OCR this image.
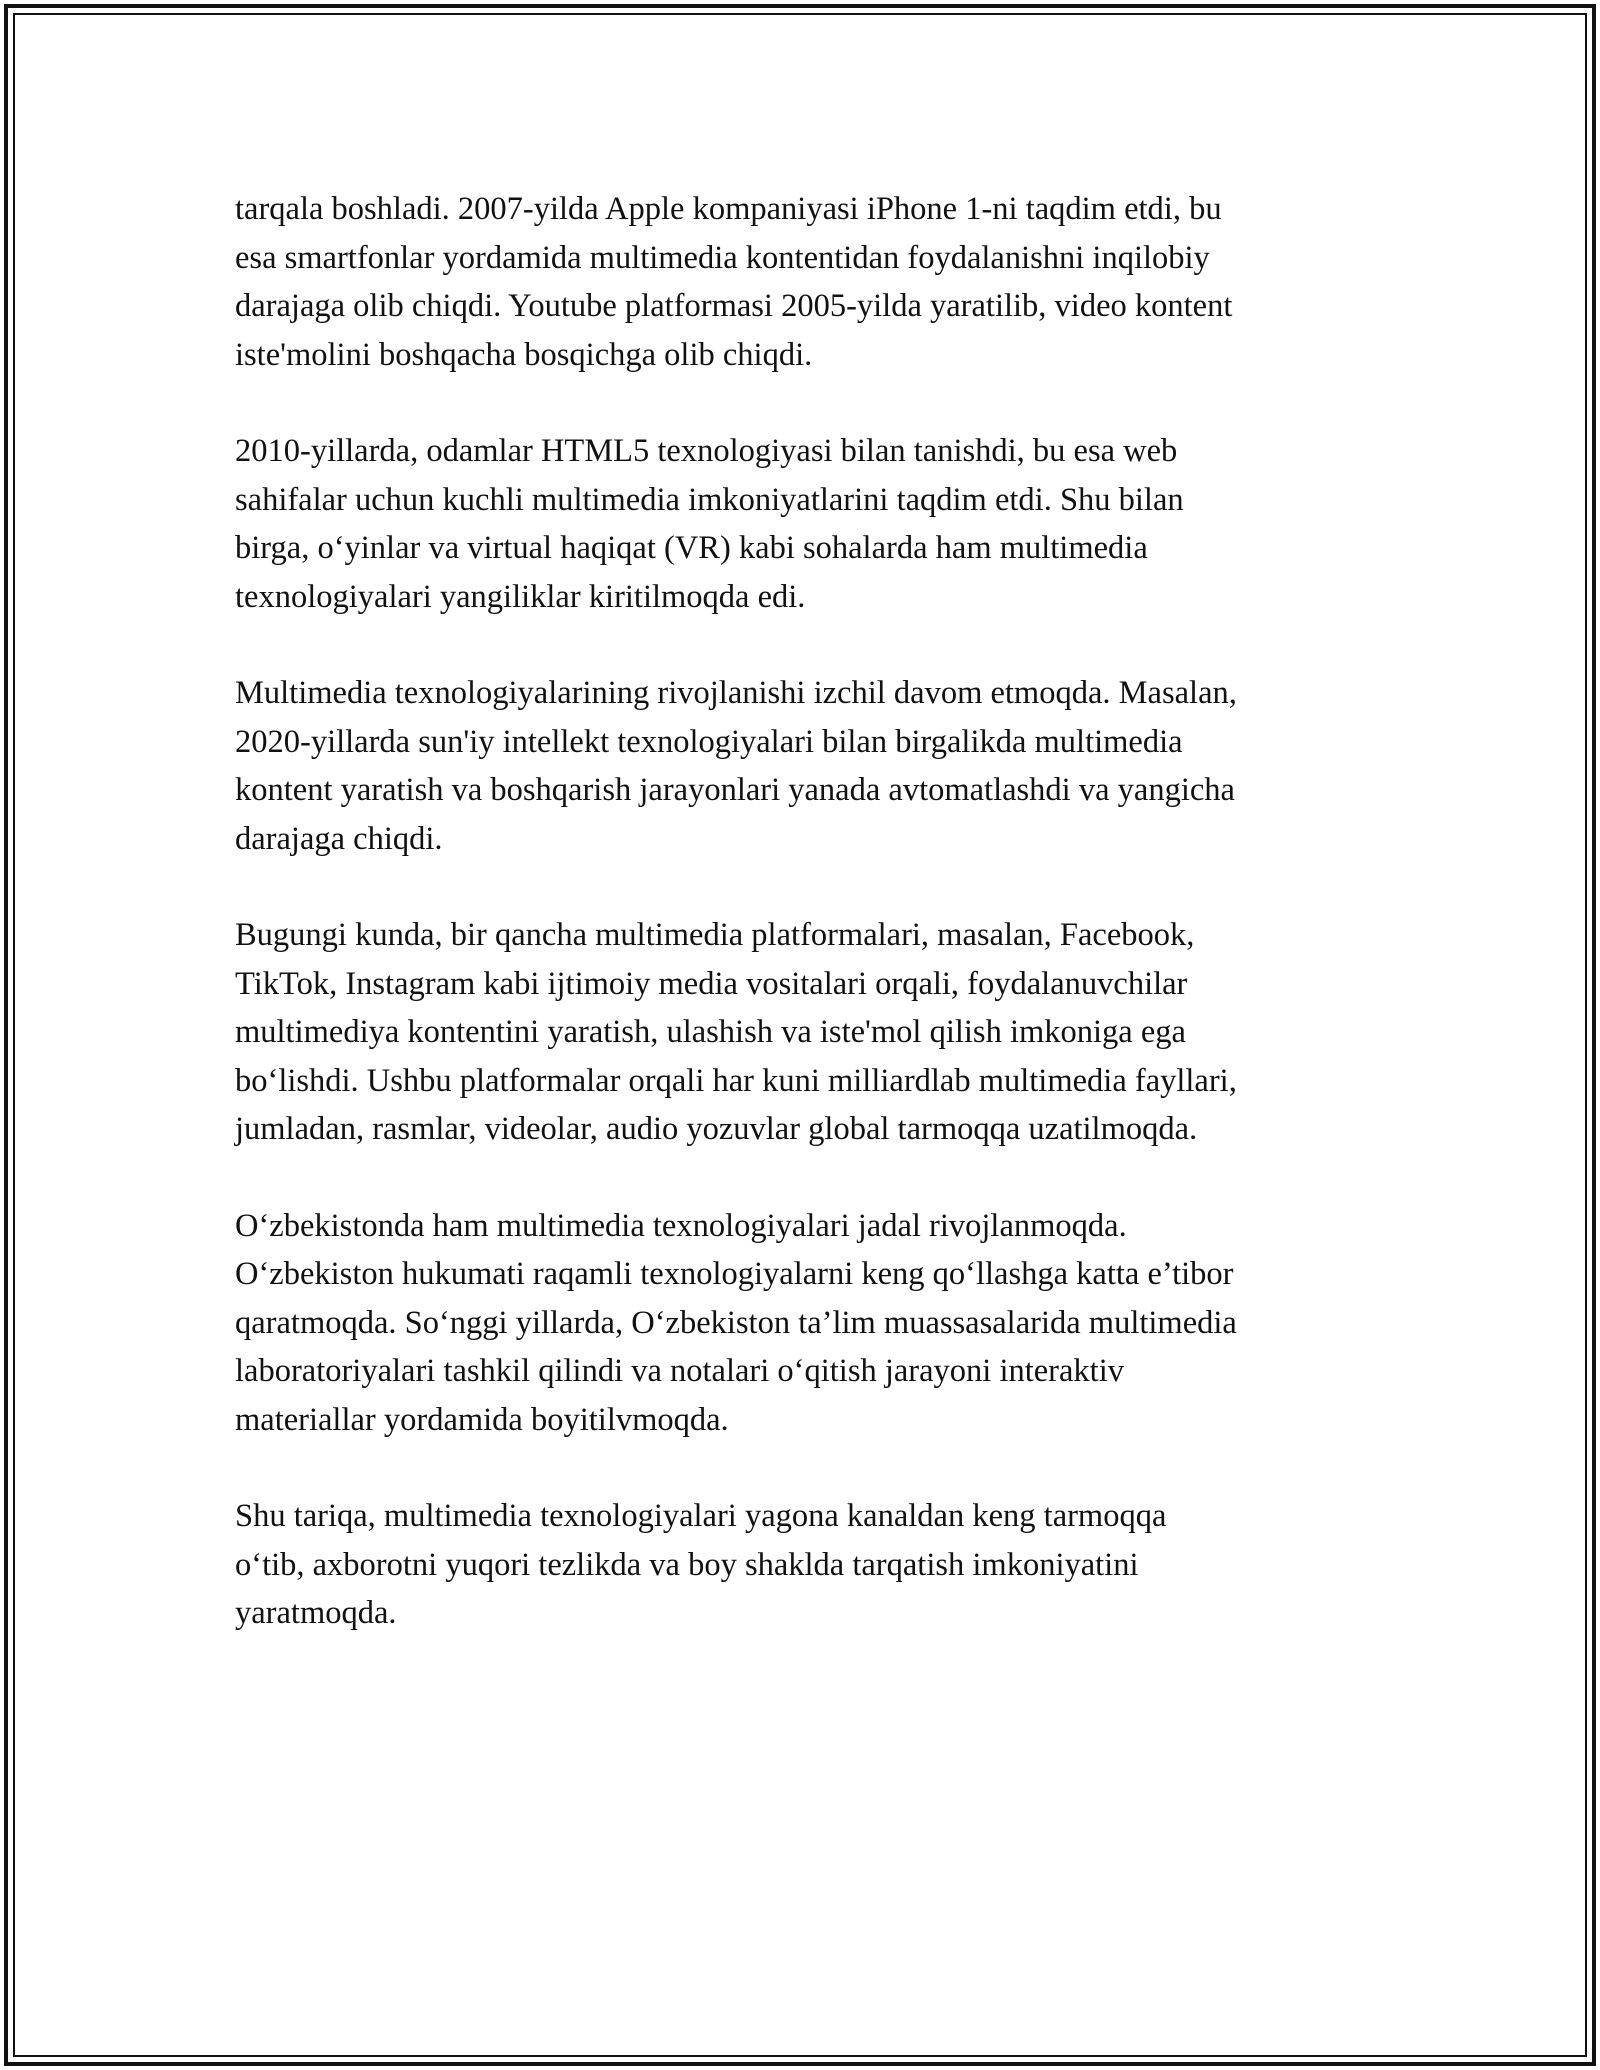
tarqala boshladi. 2007-yilda Apple kompaniyasi iPhone 1-ni taqdim etdi, bu
esa smartfonlar yordamida multimedia kontentidan foydalanishni inqilobiy
darajaga olib chiqdi. Youtube platformasi 2005-yilda yaratilib, video kontent
iste'molini boshqacha bosqichga olib chiqdi.

2010-yillarda, odamlar HTML5 texnologiyasi bilan tanishdi, bu esa web
sahifalar uchun kuchli multimedia imkoniyatlarini taqdim etdi. Shu bilan
birga, o‘yinlar va virtual haqiqat (VR) kabi sohalarda ham multimedia
texnologiyalari yangiliklar kiritilmoqda edi.

Multimedia texnologiyalarining rivojlanishi izchil davom etmoqda. Masalan,
2020-yillarda sun'iy intellekt texnologiyalari bilan birgalikda multimedia
kontent yaratish va boshqarish jarayonlari yanada avtomatlashdi va yangicha
darajaga chiqdi.

Bugungi kunda, bir qancha multimedia platformalari, masalan, Facebook,
TikTok, Instagram kabi ijtimoiy media vositalari orqali, foydalanuvchilar
multimediya kontentini yaratish, ulashish va iste'mol qilish imkoniga ega
bo‘lishdi. Ushbu platformalar orqali har kuni milliardlab multimedia fayllari,
jumladan, rasmlar, videolar, audio yozuvlar global tarmoqqa uzatilmoqda.

O‘zbekistonda ham multimedia texnologiyalari jadal rivojlanmoqda.
O‘zbekiston hukumati raqamli texnologiyalarni keng qo‘llashga katta e’tibor
qaratmoqda. So‘nggi yillarda, O‘zbekiston ta’lim muassasalarida multimedia
laboratoriyalari tashkil qilindi va notalari o‘qitish jarayoni interaktiv
materiallar yordamida boyitilvmoqda.

Shu tariqa, multimedia texnologiyalari yagona kanaldan keng tarmoqqa
o‘tib, axborotni yuqori tezlikda va boy shaklda tarqatish imkoniyatini
yaratmoqda.
